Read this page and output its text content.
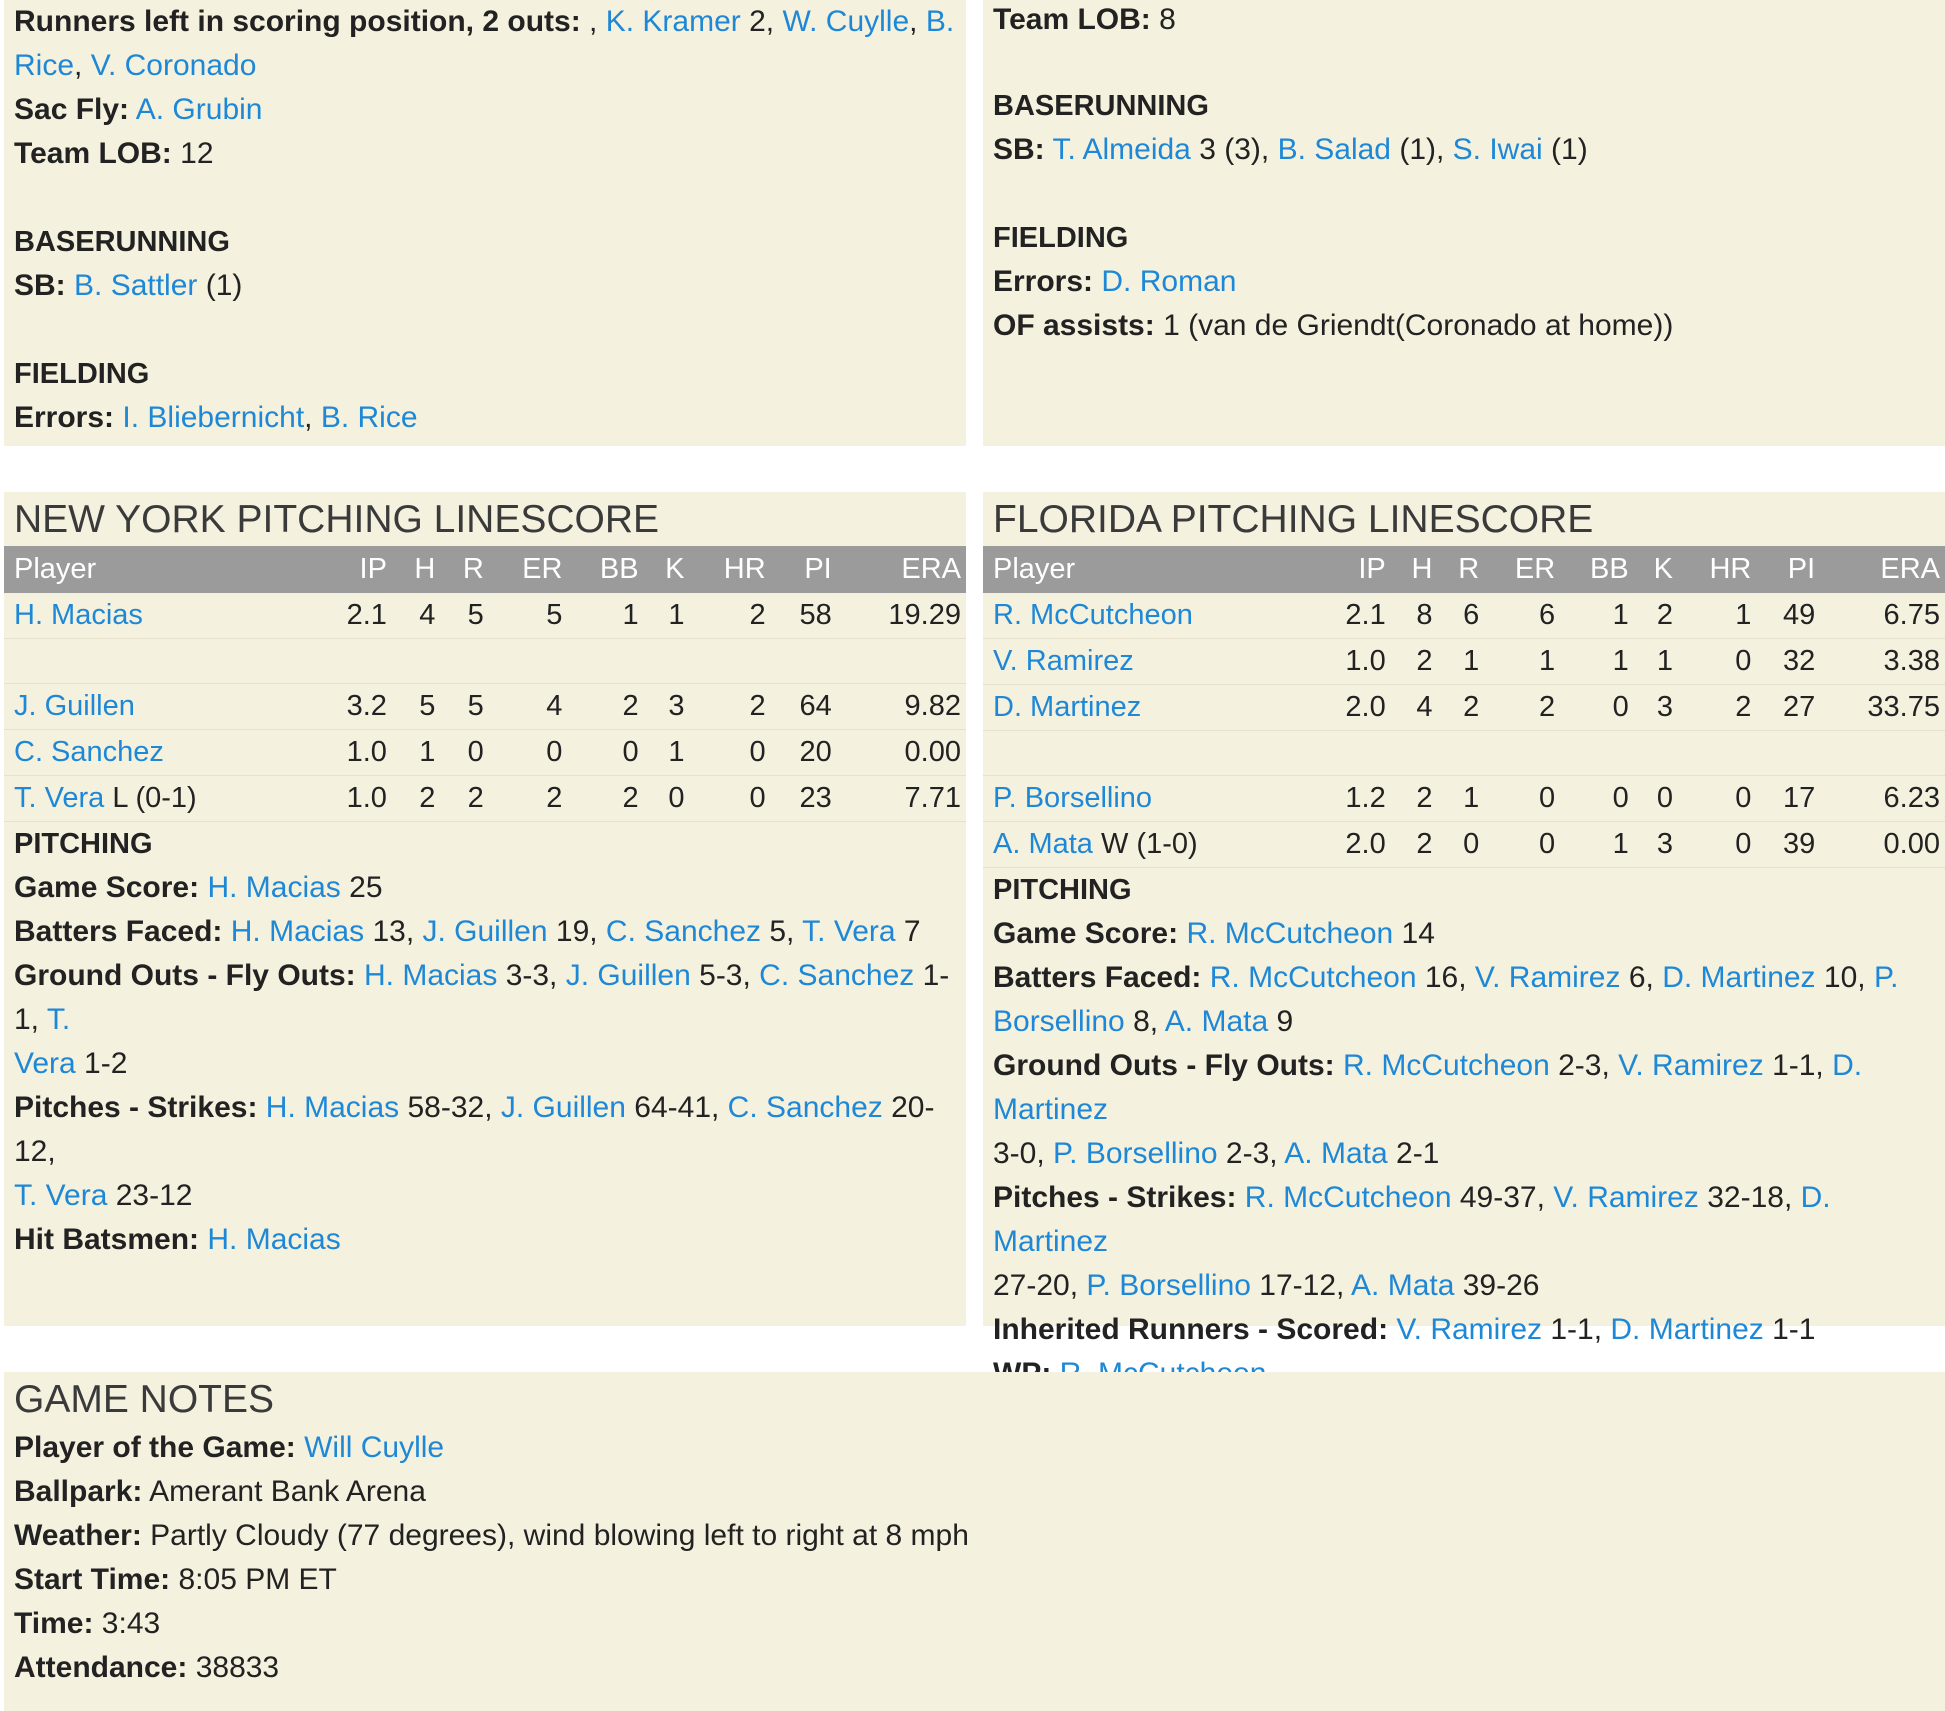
Runners left in scoring position, 2 outs: , K. Kramer 2, W. Cuylle, B.

Rice, V. Coronado

Sac Fly: A. Grubin

Team LOB: 12

BASERUNNING

SB: B. Sattler (1)

FIELDING

Errors: I. Bliebernicht, B. Rice

Team LOB: 8

BASERUNNING

SB: T. Almeida 3 (3), B. Salad (1), S. Iwai (1)

FIELDING

Errors: D. Roman

OF assists: 1 (van de Griendt(Coronado at home))

NEW YORK PITCHING LINESCORE

Player	IP	H	R	ER	BB	K	HR	PI	ERA
H. Macias	2.1	4	5	5	1	1	2	58	19.29

J. Guillen	3.2	5	5	4	2	3	2	64	9.82
C. Sanchez	1.0	1	0	0	0	1	0	20	0.00
T. Vera L (0-1)	1.0	2	2	2	2	0	0	23	7.71

PITCHING

Game Score: H. Macias 25

Batters Faced: H. Macias 13, J. Guillen 19, C. Sanchez 5, T. Vera 7

Ground Outs - Fly Outs: H. Macias 3-3, J. Guillen 5-3, C. Sanchez 1-1, T.

Vera 1-2

Pitches - Strikes: H. Macias 58-32, J. Guillen 64-41, C. Sanchez 20-12,

T. Vera 23-12

Hit Batsmen: H. Macias

FLORIDA PITCHING LINESCORE

Player	IP	H	R	ER	BB	K	HR	PI	ERA
R. McCutcheon	2.1	8	6	6	1	2	1	49	6.75
V. Ramirez	1.0	2	1	1	1	1	0	32	3.38
D. Martinez	2.0	4	2	2	0	3	2	27	33.75

P. Borsellino	1.2	2	1	0	0	0	0	17	6.23
A. Mata W (1-0)	2.0	2	0	0	1	3	0	39	0.00

PITCHING

Game Score: R. McCutcheon 14

Batters Faced: R. McCutcheon 16, V. Ramirez 6, D. Martinez 10, P.

Borsellino 8, A. Mata 9

Ground Outs - Fly Outs: R. McCutcheon 2-3, V. Ramirez 1-1, D. Martinez

3-0, P. Borsellino 2-3, A. Mata 2-1

Pitches - Strikes: R. McCutcheon 49-37, V. Ramirez 32-18, D. Martinez

27-20, P. Borsellino 17-12, A. Mata 39-26

Inherited Runners - Scored: V. Ramirez 1-1, D. Martinez 1-1

GAME NOTES

Player of the Game: Will Cuylle

Ballpark: Amerant Bank Arena

Weather: Partly Cloudy (77 degrees), wind blowing left to right at 8 mph

Start Time: 8:05 PM ET

Time: 3:43

Attendance: 38833
